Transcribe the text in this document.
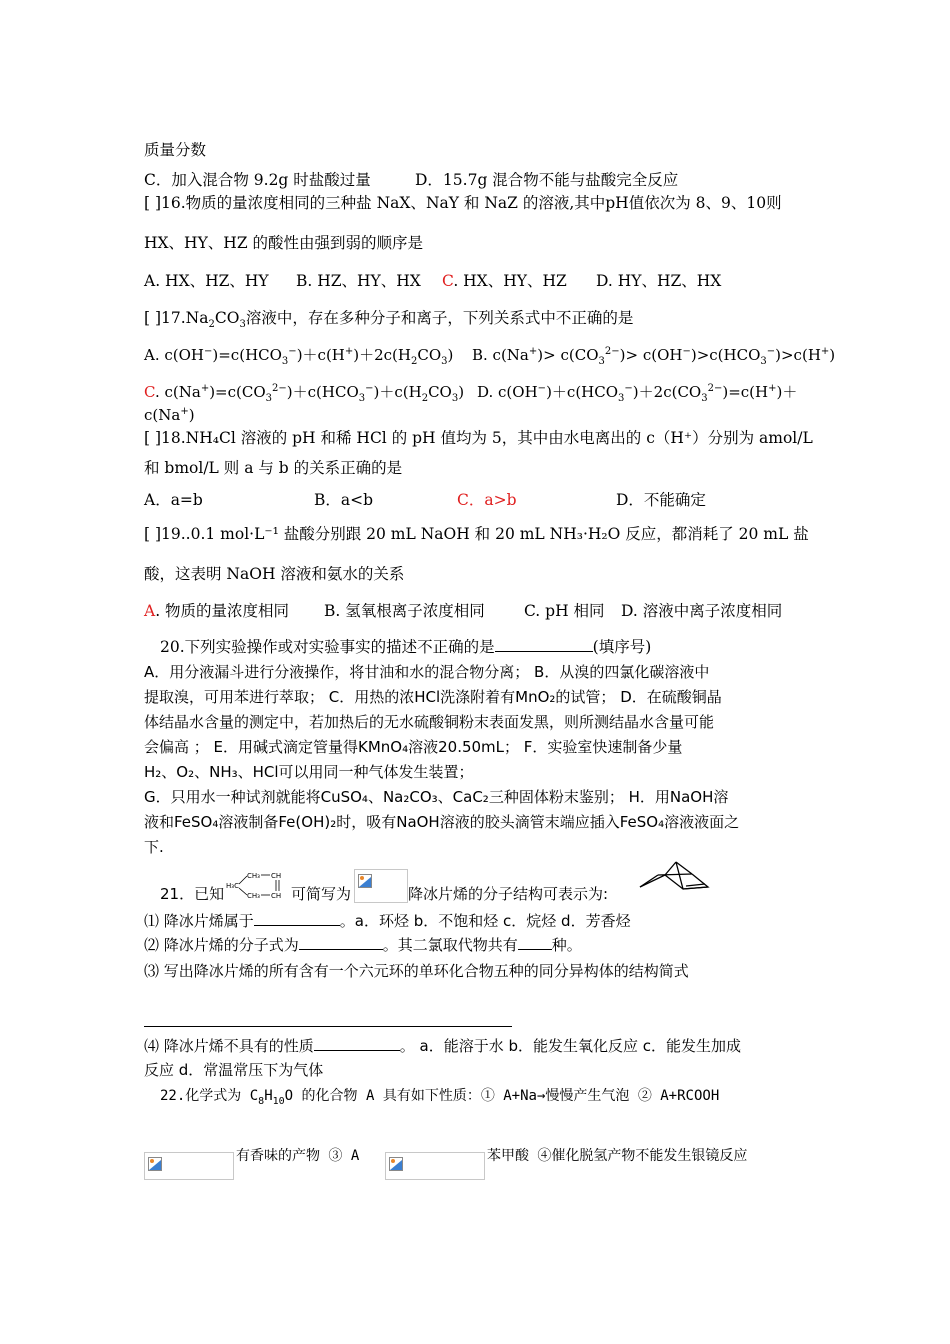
质量分数
C．加入混合物 9.2g 时盐酸过量	D．15.7g 混合物不能与盐酸完全反应
[ ]16.物质的量浓度相同的三种盐 NaX、NaY 和 NaZ 的溶液,其中pH值依次为 8、9、10则
HX、HY、HZ 的酸性由强到弱的顺序是
A. HX、HZ、HY B. HZ、HY、HX C. HX、HY、HZ D. HY、HZ、HX
[ ]$17.Na_2CO_3$溶液中，存在多种分子和离子，下列关系式中不正确的是
A. $c(OH^-)=c(HCO_3^-)+c(H^+)+2c(H_2CO_3)$ B. $c(Na^+)> c(CO_3^{2-})> c(OH^-)>c(HCO_3^-)>c(H^+)$
C. $c(Na^+)=c(CO_3^{2-})+c(HCO_3^-)+c(H_2CO_3)$ D. $c(OH^-)+c(HCO_3^-)+2c(CO_3^{2-})=c(H^+)+$
c(Na+)
[ ]18.NH₄Cl 溶液的 pH 和稀 HCl 的 pH 值均为 5，其中由水电离出的 c（H⁺）分别为 amol/L
和 bmol/L 则 a 与 b 的关系正确的是
A．a=b	B．a<b	C．a>b	D．不能确定
[ ]19..0.1 mol·L⁻¹ 盐酸分别跟 20 mL NaOH 和 20 mL NH₃·H₂O 反应，都消耗了 20 mL 盐
酸，这表明 NaOH 溶液和氨水的关系
A. 物质的量浓度相同 B. 氢氧根离子浓度相同	C. pH 相同 D. 溶液中离子浓度相同
20.下列实验操作或对实验事实的描述不正确的是	(填序号)
A．用分液漏斗进行分液操作，将甘油和水的混合物分离； B．从溴的四氯化碳溶液中
提取溴，可用苯进行萃取； C．用热的浓HCl洗涤附着有MnO₂的试管； D．在硫酸铜晶
体结晶水含量的测定中，若加热后的无水硫酸铜粉末表面发黑，则所测结晶水含量可能
会偏高 ； E．用碱式滴定管量得KMnO₄溶液20.50mL； F．实验室快速制备少量
H₂、O₂、NH₃、HCl可以用同一种气体发生装置；
G．只用水一种试剂就能将CuSO₄、Na₂CO₃、CaC₂三种固体粉末鉴别； H．用NaOH溶
液和FeSO₄溶液制备Fe(OH)₂时，吸有NaOH溶液的胶头滴管末端应插入FeSO₄溶液液面之
下.
21．已知
CH₃ CH
H₃C
CH₃ CH 可简写为	降冰片烯的分子结构可表示为:
⑴ 降冰片烯属于	。a．环烃 b．不饱和烃 c．烷烃 d．芳香烃
⑵ 降冰片烯的分子式为	。其二氯取代物共有 种。
⑶ 写出降冰片烯的所有含有一个六元环的单环化合物五种的同分异构体的结构简式
⑷ 降冰片烯不具有的性质	。 a．能溶于水 b．能发生氧化反应 c．能发生加成
反应 d．常温常压下为气体
22.化学式为 $C_8H_{10}O$ 的化合物 A 具有如下性质：① A+Na→慢慢产生气泡 ② A+RCOOH
有香味的产物 ③ A	苯甲酸 ④催化脱氢产物不能发生银镜反应
